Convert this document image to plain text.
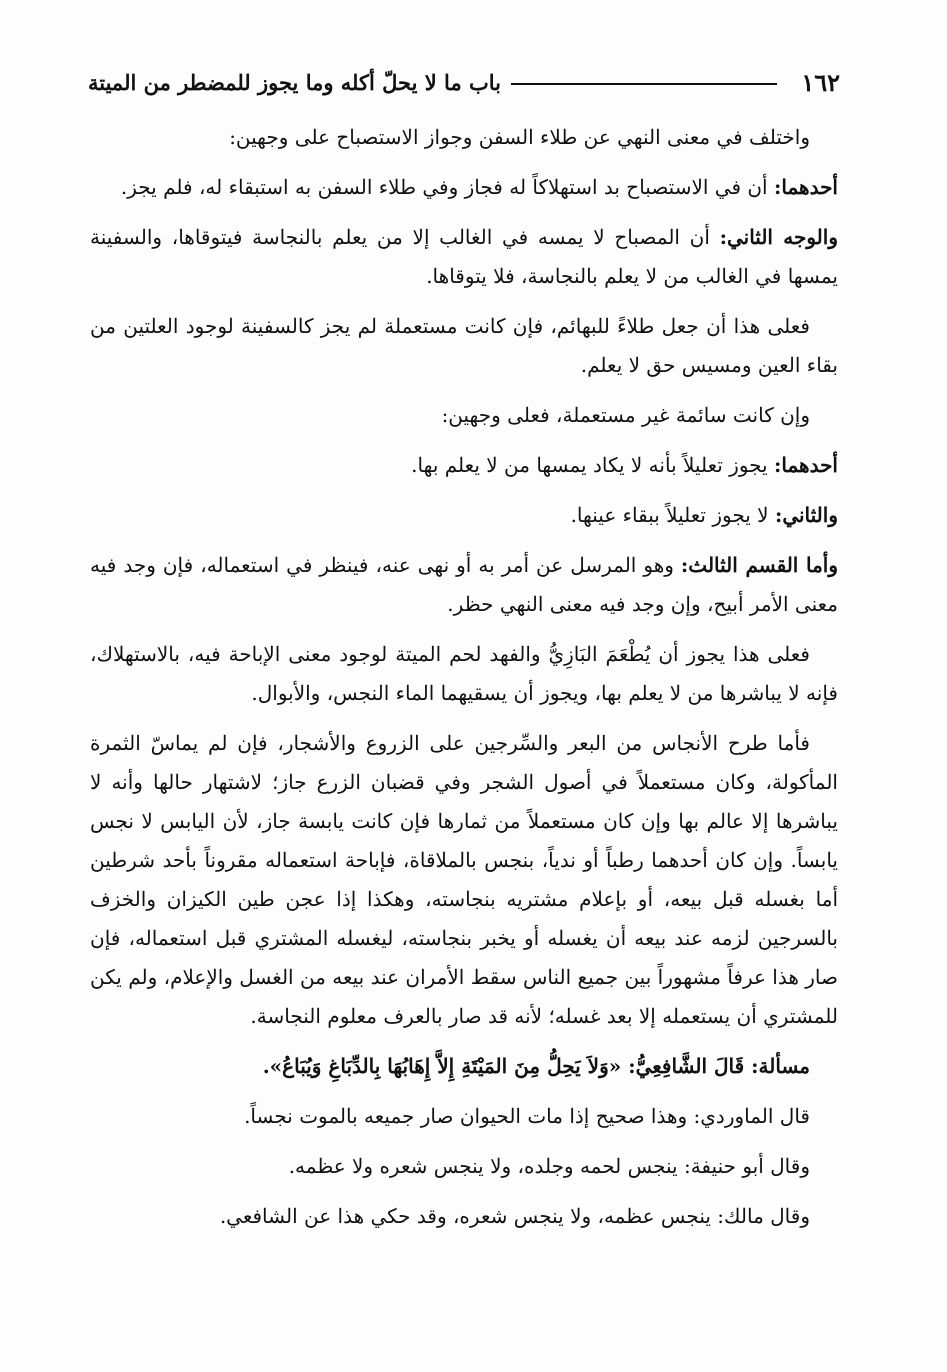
١٦٢
باب ما لا يحلّ أكله وما يجوز للمضطر من الميتة

واختلف في معنى النهي عن طلاء السفن وجواز الاستصباح على وجهين:

أحدهما: أن في الاستصباح بد استهلاكاً له فجاز وفي طلاء السفن به استبقاء له، فلم يجز.

والوجه الثاني: أن المصباح لا يمسه في الغالب إلا من يعلم بالنجاسة فيتوقاها، والسفينة يمسها في الغالب من لا يعلم بالنجاسة، فلا يتوقاها.

فعلى هذا أن جعل طلاءً للبهائم، فإن كانت مستعملة لم يجز كالسفينة لوجود العلتين من بقاء العين ومسيس حق لا يعلم.

وإن كانت سائمة غير مستعملة، فعلى وجهين:

أحدهما: يجوز تعليلاً بأنه لا يكاد يمسها من لا يعلم بها.

والثاني: لا يجوز تعليلاً ببقاء عينها.

وأما القسم الثالث: وهو المرسل عن أمر به أو نهى عنه، فينظر في استعماله، فإن وجد فيه معنى الأمر أبيح، وإن وجد فيه معنى النهي حظر.

فعلى هذا يجوز أن يُطْعَمَ البَازِيُّ والفهد لحم الميتة لوجود معنى الإباحة فيه، بالاستهلاك، فإنه لا يباشرها من لا يعلم بها، ويجوز أن يسقيهما الماء النجس، والأبوال.

فأما طرح الأنجاس من البعر والسِّرجين على الزروع والأشجار، فإن لم يماسّ الثمرة المأكولة، وكان مستعملاً في أصول الشجر وفي قضبان الزرع جاز؛ لاشتهار حالها وأنه لا يباشرها إلا عالم بها وإن كان مستعملاً من ثمارها فإن كانت يابسة جاز، لأن اليابس لا نجس يابساً. وإن كان أحدهما رطباً أو ندياً، بنجس بالملاقاة، فإباحة استعماله مقروناً بأحد شرطين أما بغسله قبل بيعه، أو بإعلام مشتريه بنجاسته، وهكذا إذا عجن طين الكيزان والخزف بالسرجين لزمه عند بيعه أن يغسله أو يخبر بنجاسته، ليغسله المشتري قبل استعماله، فإن صار هذا عرفاً مشهوراً بين جميع الناس سقط الأمران عند بيعه من الغسل والإعلام، ولم يكن للمشتري أن يستعمله إلا بعد غسله؛ لأنه قد صار بالعرف معلوم النجاسة.

مسألة: قَالَ الشَّافِعِيُّ: «وَلاَ يَحِلُّ مِنَ المَيْتَةِ إِلاَّ إِهَابُهَا بِالدِّبَاغِ وَيُبَاعُ».

قال الماوردي: وهذا صحيح إذا مات الحيوان صار جميعه بالموت نجساً.

وقال أبو حنيفة: ينجس لحمه وجلده، ولا ينجس شعره ولا عظمه.

وقال مالك: ينجس عظمه، ولا ينجس شعره، وقد حكي هذا عن الشافعي.
